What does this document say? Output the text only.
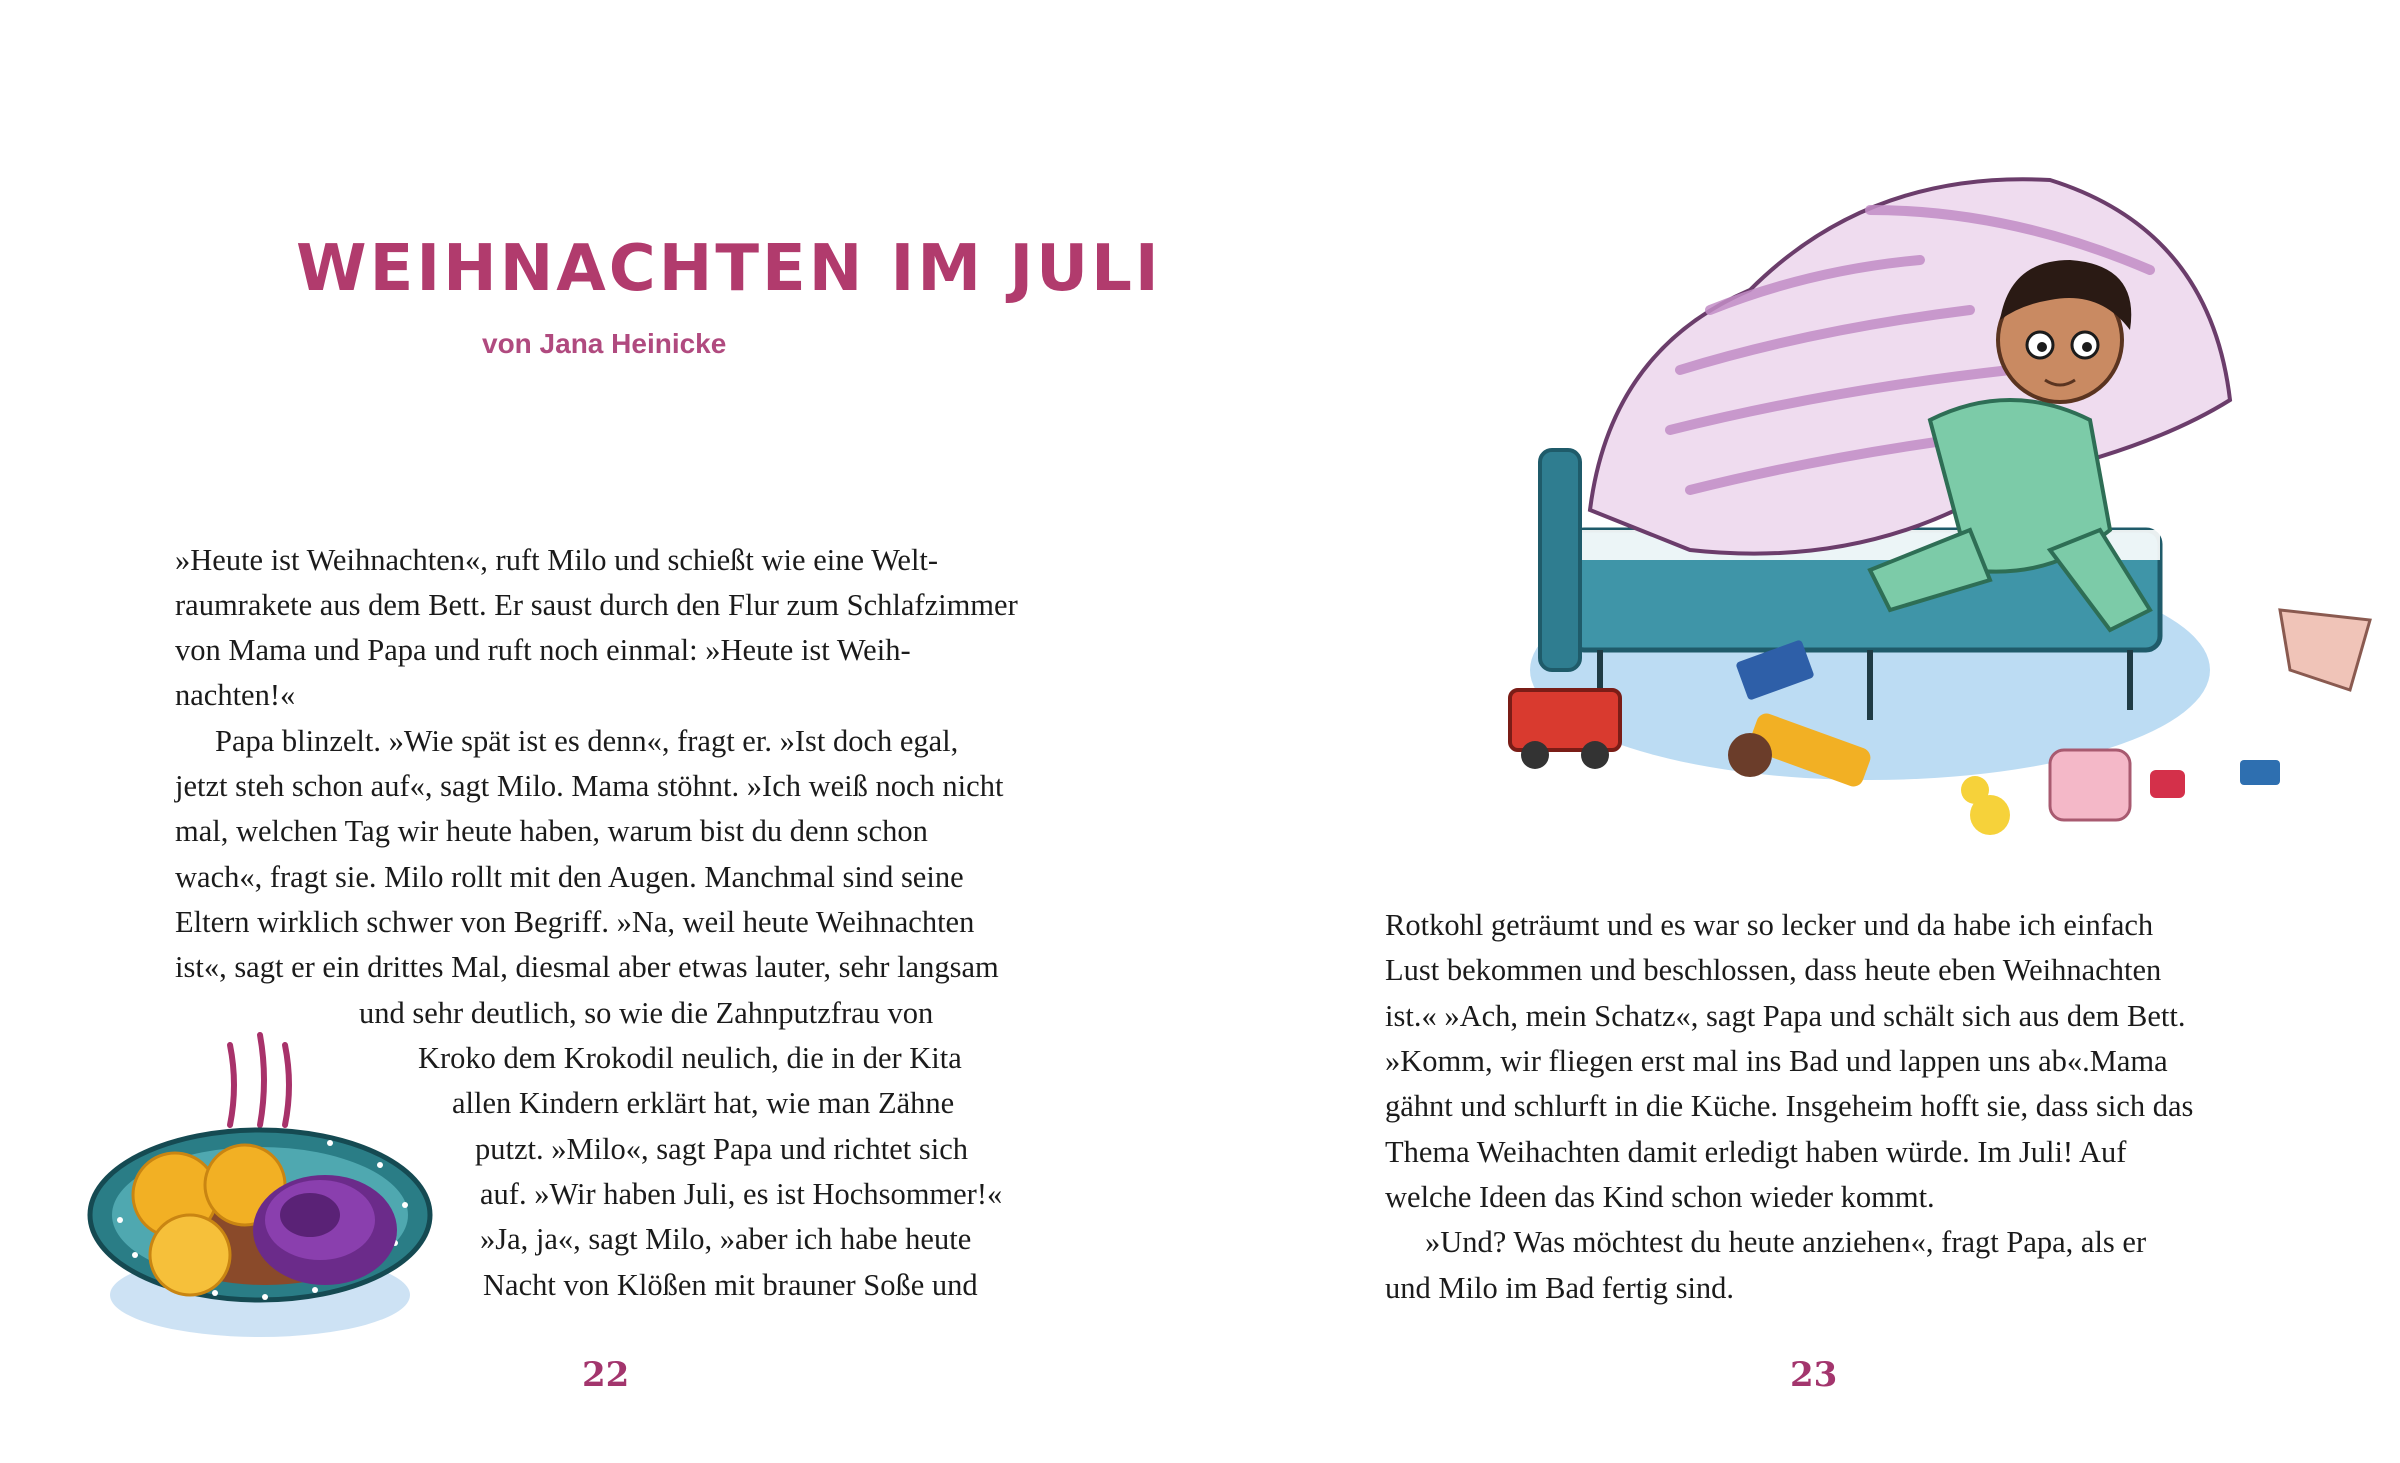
WEIHNACHTEN IM JULI
von Jana Heinicke
»Heute ist Weihnachten«, ruft Milo und schießt wie eine Welt-
raumrakete aus dem Bett. Er saust durch den Flur zum Schlafzimmer
von Mama und Papa und ruft noch einmal: »Heute ist Weih-
nachten!«
Papa blinzelt. »Wie spät ist es denn«, fragt er. »Ist doch egal,
jetzt steh schon auf«, sagt Milo. Mama stöhnt. »Ich weiß noch nicht
mal, welchen Tag wir heute haben, warum bist du denn schon
wach«, fragt sie. Milo rollt mit den Augen. Manchmal sind seine
Eltern wirklich schwer von Begriff. »Na, weil heute Weihnachten
ist«, sagt er ein drittes Mal, diesmal aber etwas lauter, sehr langsam
und sehr deutlich, so wie die Zahnputzfrau von
Kroko dem Krokodil neulich, die in der Kita
allen Kindern erklärt hat, wie man Zähne
putzt. »Milo«, sagt Papa und richtet sich
auf. »Wir haben Juli, es ist Hochsommer!«
»Ja, ja«, sagt Milo, »aber ich habe heute
Nacht von Klößen mit brauner Soße und
22
Rotkohl geträumt und es war so lecker und da habe ich einfach
Lust bekommen und beschlossen, dass heute eben Weihnachten
ist.« »Ach, mein Schatz«, sagt Papa und schält sich aus dem Bett.
»Komm, wir fliegen erst mal ins Bad und lappen uns ab«.Mama
gähnt und schlurft in die Küche. Insgeheim hofft sie, dass sich das
Thema Weihachten damit erledigt haben würde. Im Juli! Auf
welche Ideen das Kind schon wieder kommt.
»Und? Was möchtest du heute anziehen«, fragt Papa, als er
und Milo im Bad fertig sind.
23
